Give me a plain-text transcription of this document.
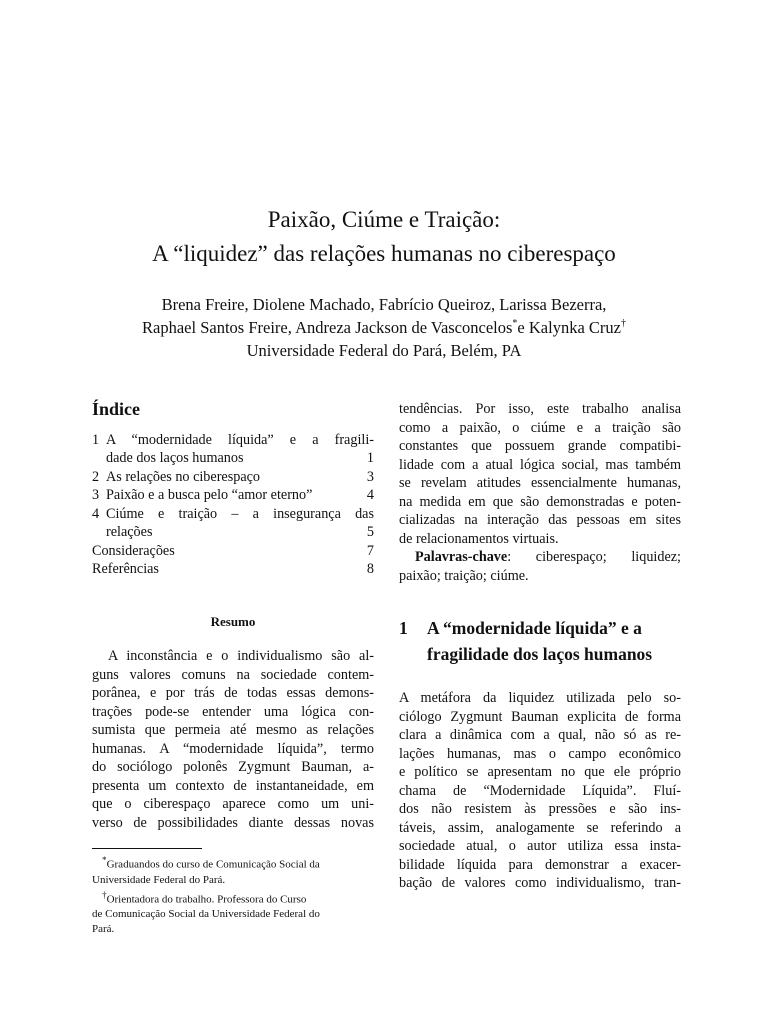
Paixão, Ciúme e Traição:
A “liquidez” das relações humanas no ciberespaço
Brena Freire, Diolene Machado, Fabrício Queiroz, Larissa Bezerra,
Raphael Santos Freire, Andreza Jackson de Vasconcelos*e Kalynka Cruz†
Universidade Federal do Pará, Belém, PA
Índice
1 A “modernidade líquida” e a fragili-
dade dos laços humanos	1
2 As relações no ciberespaço	3
3 Paixão e a busca pelo “amor eterno”	4
4 Ciúme e traição – a insegurança das
relações	5
Considerações	7
Referências	8
Resumo
A inconstância e o individualismo são al-
guns valores comuns na sociedade contem-
porânea, e por trás de todas essas demons-
trações pode-se entender uma lógica con-
sumista que permeia até mesmo as relações
humanas. A “modernidade líquida”, termo
do sociólogo polonês Zygmunt Bauman, a-
presenta um contexto de instantaneidade, em
que o ciberespaço aparece como um uni-
verso de possibilidades diante dessas novas
*Graduandos do curso de Comunicação Social da
Universidade Federal do Pará.
†Orientadora do trabalho. Professora do Curso
de Comunicação Social da Universidade Federal do
Pará.
tendências. Por isso, este trabalho analisa
como a paixão, o ciúme e a traição são
constantes que possuem grande compatibi-
lidade com a atual lógica social, mas também
se revelam atitudes essencialmente humanas,
na medida em que são demonstradas e poten-
cializadas na interação das pessoas em sites
de relacionamentos virtuais.
Palavras-chave: ciberespaço; liquidez;
paixão; traição; ciúme.
1 A “modernidade líquida” e a
fragilidade dos laços humanos
A metáfora da liquidez utilizada pelo so-
ciólogo Zygmunt Bauman explicita de forma
clara a dinâmica com a qual, não só as re-
lações humanas, mas o campo econômico
e político se apresentam no que ele próprio
chama de “Modernidade Líquida”. Fluí-
dos não resistem às pressões e são ins-
táveis, assim, analogamente se referindo a
sociedade atual, o autor utiliza essa insta-
bilidade líquida para demonstrar a exacer-
bação de valores como individualismo, tran-
